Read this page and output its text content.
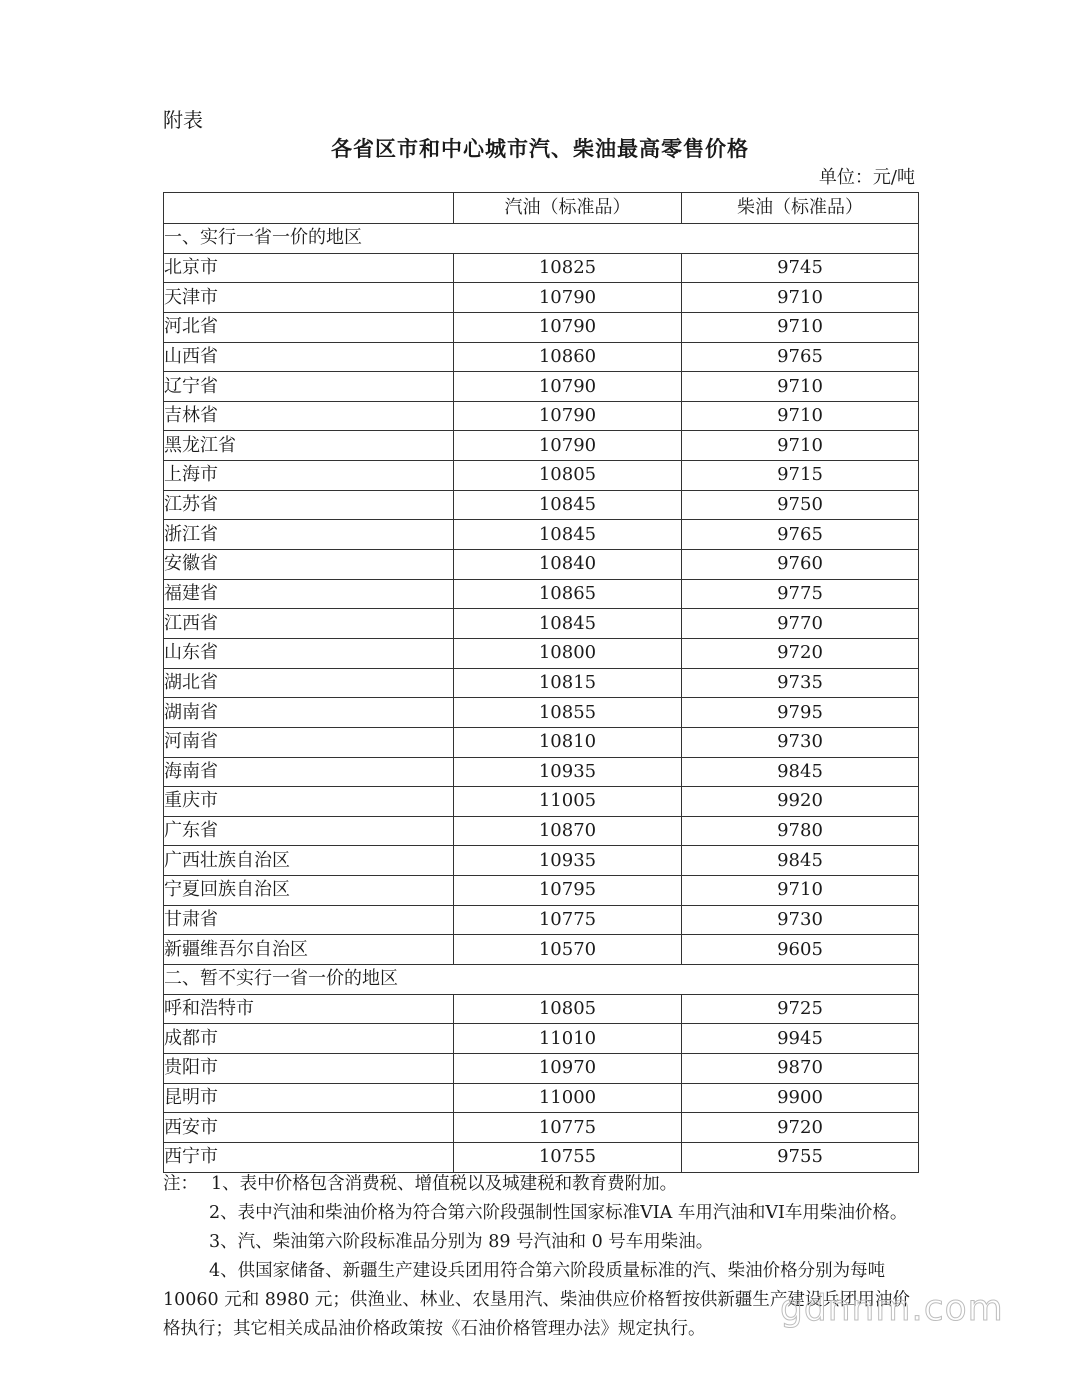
附表
各省区市和中心城市汽、柴油最高零售价格
单位：元/吨
	汽油（标准品）	柴油（标准品）
一、实行一省一价的地区		
北京市	10825	9745
天津市	10790	9710
河北省	10790	9710
山西省	10860	9765
辽宁省	10790	9710
吉林省	10790	9710
黑龙江省	10790	9710
上海市	10805	9715
江苏省	10845	9750
浙江省	10845	9765
安徽省	10840	9760
福建省	10865	9775
江西省	10845	9770
山东省	10800	9720
湖北省	10815	9735
湖南省	10855	9795
河南省	10810	9730
海南省	10935	9845
重庆市	11005	9920
广东省	10870	9780
广西壮族自治区	10935	9845
宁夏回族自治区	10795	9710
甘肃省	10775	9730
新疆维吾尔自治区	10570	9605
二、暂不实行一省一价的地区		
呼和浩特市	10805	9725
成都市	11010	9945
贵阳市	10970	9870
昆明市	11000	9900
西安市	10775	9720
西宁市	10755	9755

注： 1、表中价格包含消费税、增值税以及城建税和教育费附加。

2、表中汽油和柴油价格为符合第六阶段强制性国家标准VIA 车用汽油和VI车用柴油价格。

3、汽、柴油第六阶段标准品分别为 89 号汽油和 0 号车用柴油。

4、供国家储备、新疆生产建设兵团用符合第六阶段质量标准的汽、柴油价格分别为每吨 10060 元和 8980 元；供渔业、林业、农垦用汽、柴油供应价格暂按供新疆生产建设兵团用油价格执行；其它相关成品油价格政策按《石油价格管理办法》规定执行。	gdnnm.com
